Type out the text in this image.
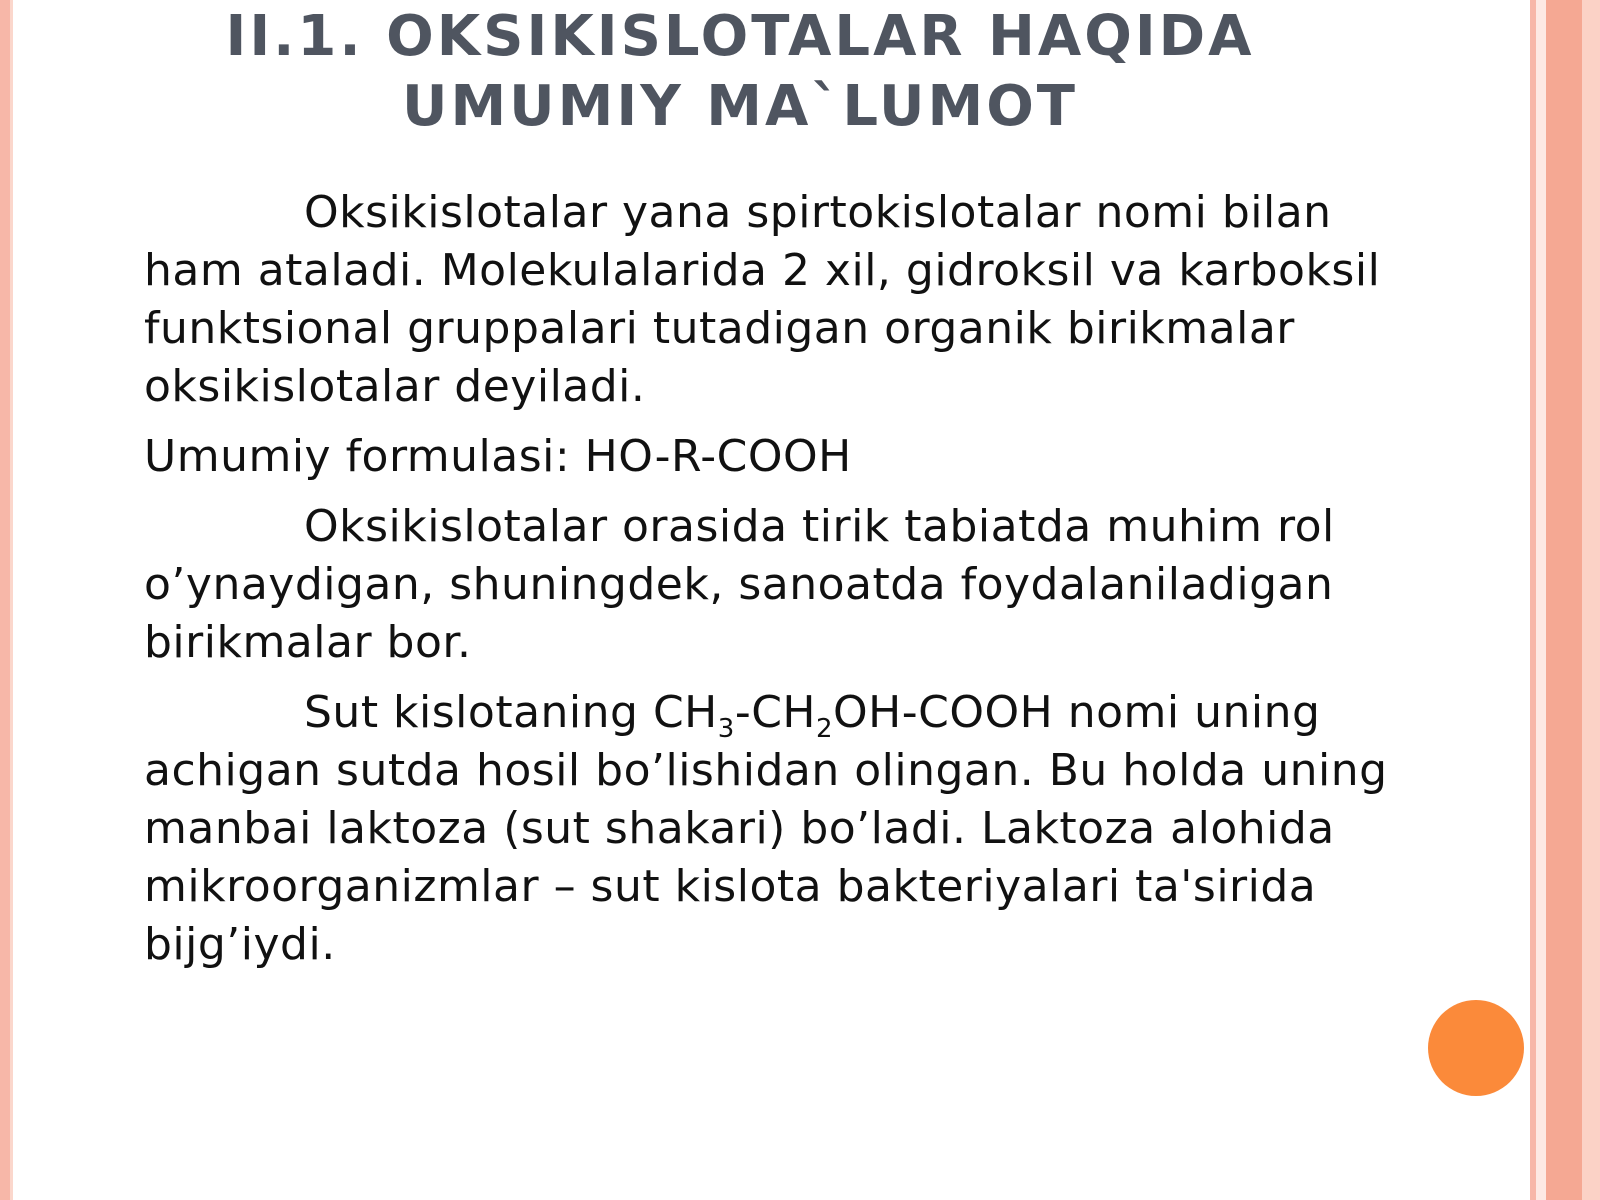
II.1. OKSIKISLOTALAR HAQIDA
UMUMIY MA`LUMOT

Oksikislotalar yana spirtokislotalar nomi bilan ham ataladi. Molekulalarida 2 xil, gidroksil va karboksil funktsional gruppalari tutadigan organik birikmalar oksikislotalar deyiladi.

Umumiy formulasi: HO-R-COOH

Oksikislotalar orasida tirik tabiatda muhim rol o’ynaydigan, shuningdek, sanoatda foydalaniladigan birikmalar bor.

Sut kislotaning $CH_3-CH_2OH$-COOH nomi uning achigan sutda hosil bo’lishidan olingan. Bu holda uning manbai laktoza (sut shakari) bo’ladi. Laktoza alohida mikroorganizmlar – sut kislota bakteriyalari ta'sirida bijg’iydi.
